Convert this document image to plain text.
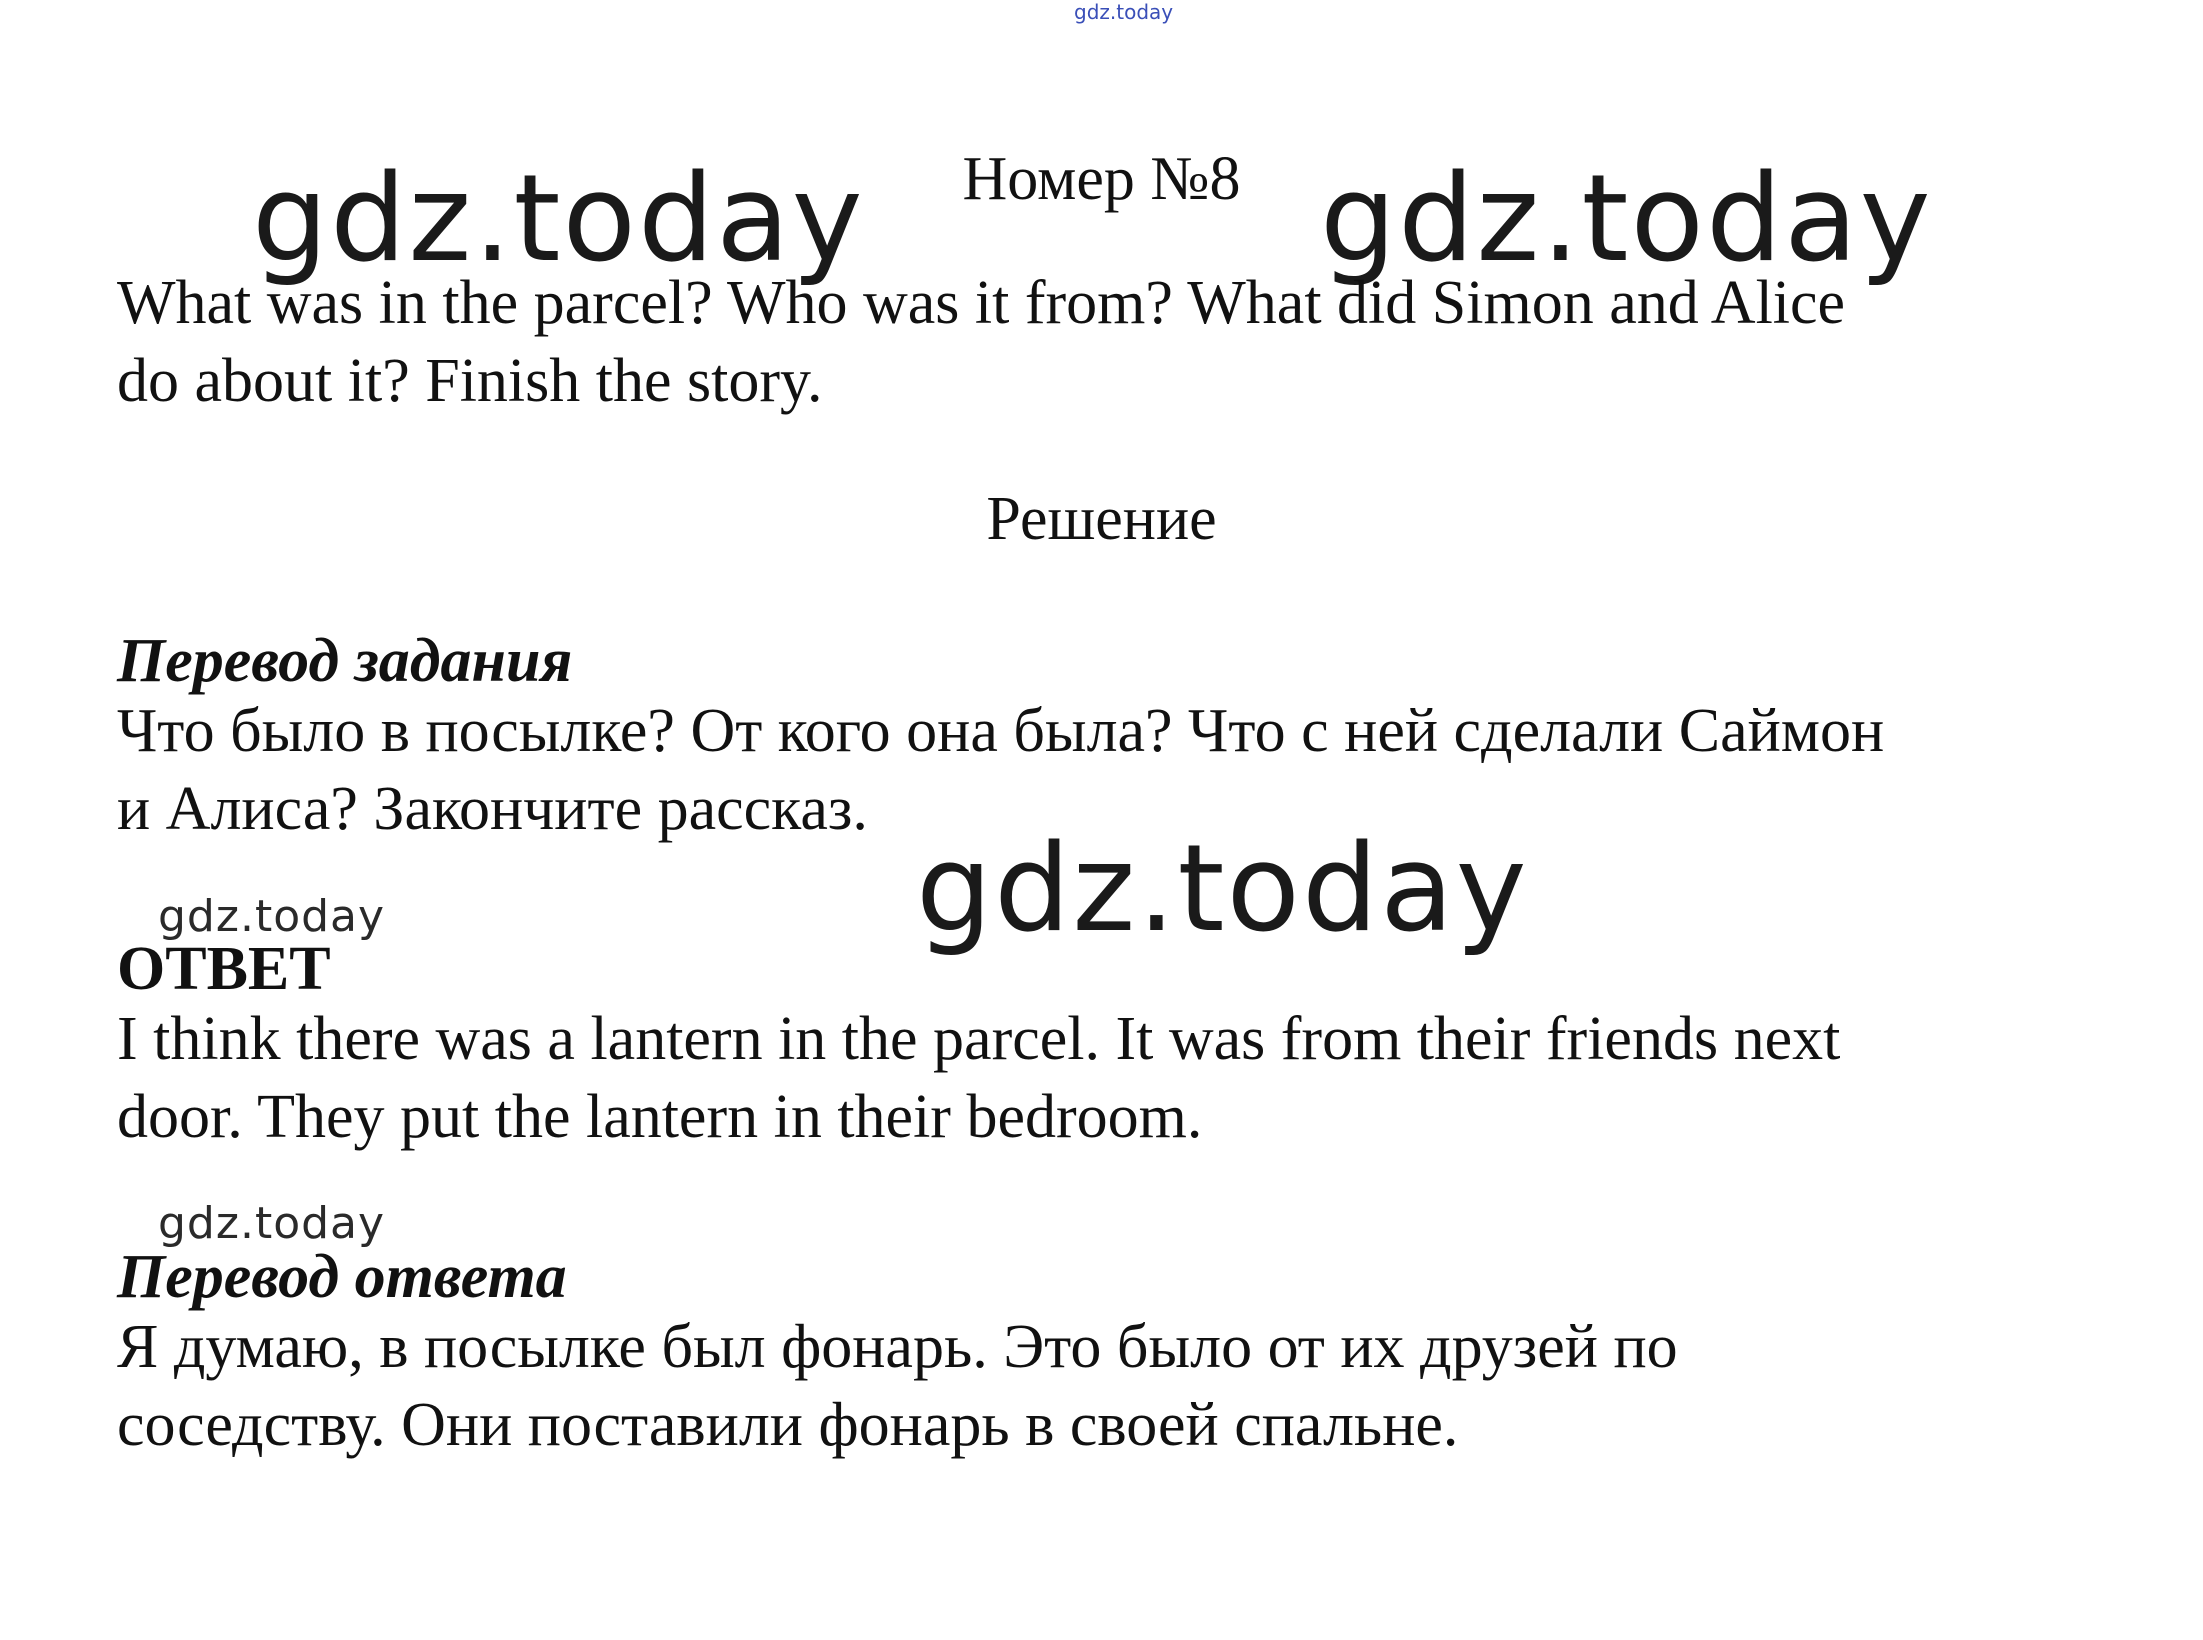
gdz.today
Номер №8
gdz.today	gdz.today
What was in the parcel? Who was it from? What did Simon and Alice
do about it? Finish the story.
Решение
Перевод задания
Что было в посылке? От кого она была? Что с ней сделали Саймон
и Алиса? Закончите рассказ.
gdz.today
gdz.today
ОТВЕТ
I think there was a lantern in the parcel. It was from their friends next
door. They put the lantern in their bedroom.
gdz.today
Перевод ответа
Я думаю, в посылке был фонарь. Это было от их друзей по
соседству. Они поставили фонарь в своей спальне.
